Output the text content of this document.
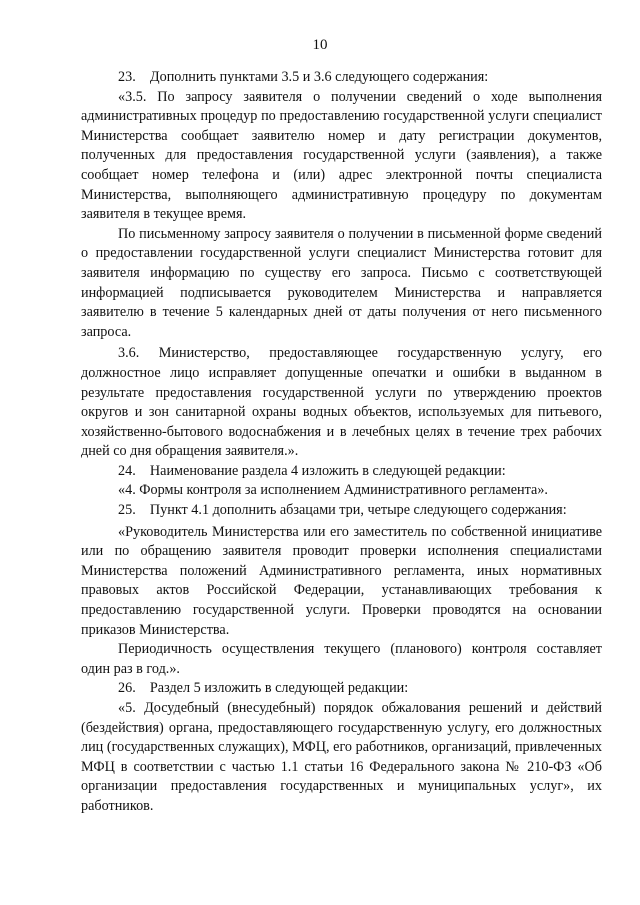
10

23.    Дополнить пунктами 3.5 и 3.6 следующего содержания:

«3.5. По запросу заявителя о получении сведений о ходе выполнения административных процедур по предоставлению государственной услуги специалист Министерства сообщает заявителю номер и дату регистрации документов, полученных для предоставления государственной услуги (заявления), а также сообщает номер телефона и (или) адрес электронной почты специалиста Министерства, выполняющего административную процедуру по документам заявителя в текущее время.

По письменному запросу заявителя о получении в письменной форме сведений о предоставлении государственной услуги специалист Министерства готовит для заявителя информацию по существу его запроса. Письмо с соответствующей информацией подписывается руководителем Министерства и направляется заявителю в течение 5 календарных дней от даты получения от него письменного запроса.

3.6. Министерство, предоставляющее государственную услугу, его должностное лицо исправляет допущенные опечатки и ошибки в выданном в результате предоставления государственной услуги по утверждению проектов округов и зон санитарной охраны водных объектов, используемых для питьевого, хозяйственно-бытового водоснабжения и в лечебных целях в течение трех рабочих дней со дня обращения заявителя.».

24.    Наименование раздела 4 изложить в следующей редакции:

«4. Формы контроля за исполнением Административного регламента».

25.    Пункт 4.1 дополнить абзацами три, четыре следующего содержания:

«Руководитель Министерства или его заместитель по собственной инициативе или по обращению заявителя проводит проверки исполнения специалистами Министерства положений Административного регламента, иных нормативных правовых актов Российской Федерации, устанавливающих требования к предоставлению государственной услуги. Проверки проводятся на основании приказов Министерства.

Периодичность осуществления текущего (планового) контроля составляет один раз в год.».

26.    Раздел 5 изложить в следующей редакции:

«5. Досудебный (внесудебный) порядок обжалования решений и действий (бездействия) органа, предоставляющего государственную услугу, его должностных лиц (государственных служащих), МФЦ, его работников, организаций, привлеченных МФЦ в соответствии с частью 1.1 статьи 16 Федерального закона № 210-ФЗ «Об организации предоставления государственных и муниципальных услуг», их работников.
